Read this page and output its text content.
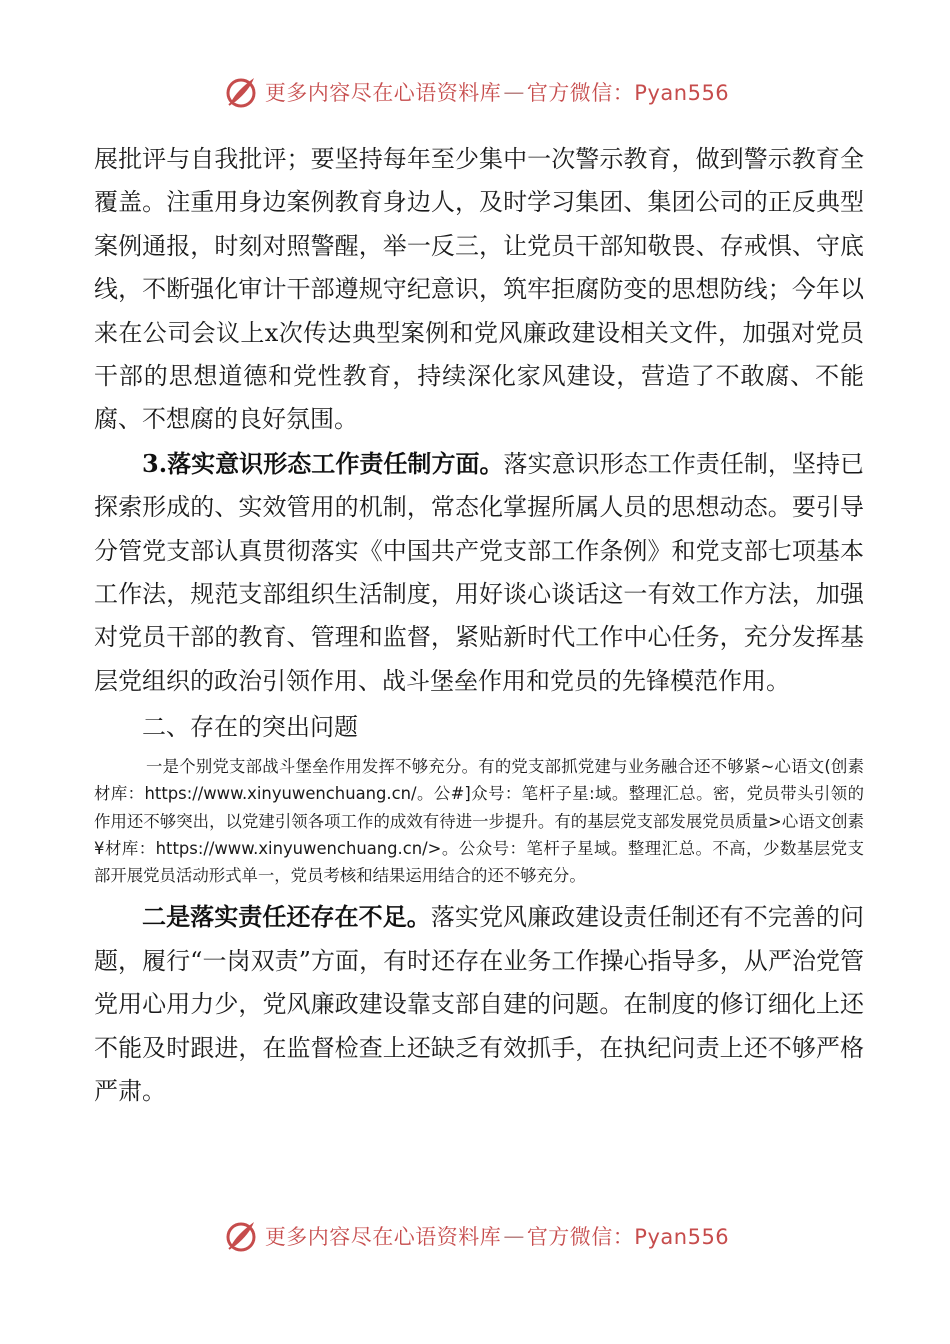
更多内容尽在心语资料库 — 官方微信：Pyan556

展批评与自我批评；要坚持每年至少集中一次警示教育，做到警示教育全覆盖。注重用身边案例教育身边人，及时学习集团、集团公司的正反典型案例通报，时刻对照警醒，举一反三，让党员干部知敬畏、存戒惧、守底线，不断强化审计干部遵规守纪意识，筑牢拒腐防变的思想防线；今年以来在公司会议上x次传达典型案例和党风廉政建设相关文件，加强对党员干部的思想道德和党性教育，持续深化家风建设，营造了不敢腐、不能腐、不想腐的良好氛围。

3.落实意识形态工作责任制方面。落实意识形态工作责任制，坚持已探索形成的、实效管用的机制，常态化掌握所属人员的思想动态。要引导分管党支部认真贯彻落实《中国共产党支部工作条例》和党支部七项基本工作法，规范支部组织生活制度，用好谈心谈话这一有效工作方法，加强对党员干部的教育、管理和监督，紧贴新时代工作中心任务，充分发挥基层党组织的政治引领作用、战斗堡垒作用和党员的先锋模范作用。

二、存在的突出问题

一是个别党支部战斗堡垒作用发挥不够充分。有的党支部抓党建与业务融合还不够紧~心语文(创素材库：https://www.xinyuwenchuang.cn/。公#]众号：笔杆子星:域。整理汇总。密，党员带头引领的作用还不够突出，以党建引领各项工作的成效有待进一步提升。有的基层党支部发展党员质量>心语文创素¥材库：https://www.xinyuwenchuang.cn/>。公众号：笔杆子星域。整理汇总。不高，少数基层党支部开展党员活动形式单一，党员考核和结果运用结合的还不够充分。

二是落实责任还存在不足。落实党风廉政建设责任制还有不完善的问题，履行“一岗双责”方面，有时还存在业务工作操心指导多，从严治党管党用心用力少，党风廉政建设靠支部自建的问题。在制度的修订细化上还不能及时跟进，在监督检查上还缺乏有效抓手，在执纪问责上还不够严格严肃。

更多内容尽在心语资料库 — 官方微信：Pyan556
